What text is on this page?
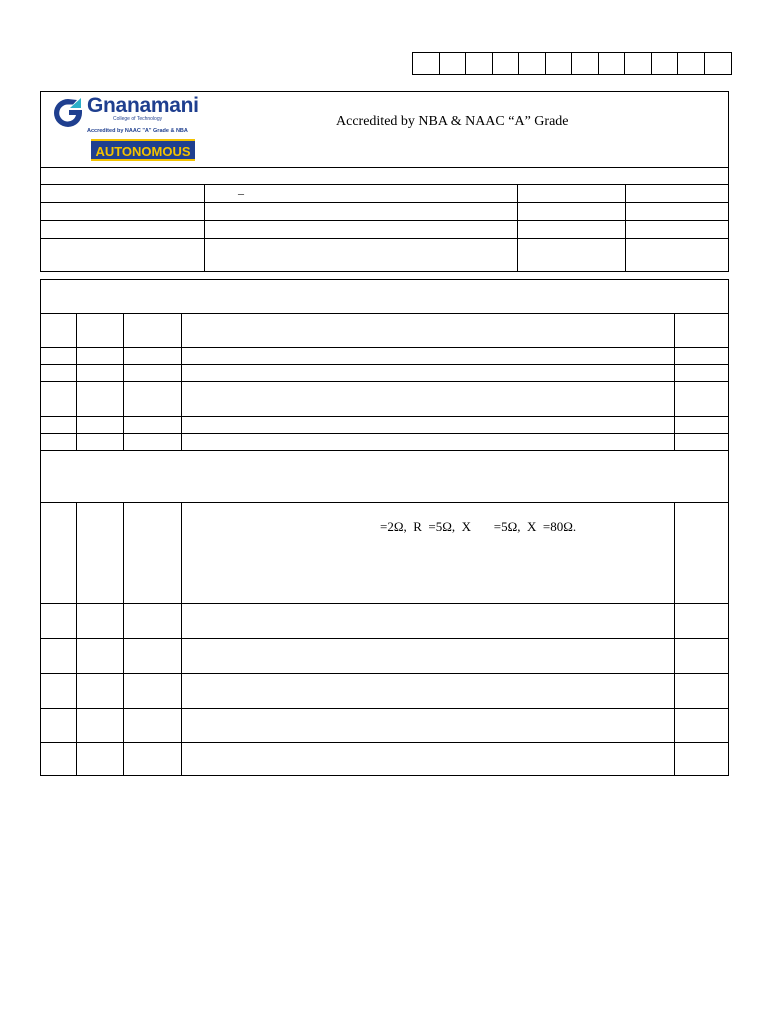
Gnanamani
College of Technology
Accredited by NAAC "A" Grade & NBA
AUTONOMOUS
Accredited by NBA & NAAC “A” Grade
–
=2Ω,  R  =5Ω,  X       =5Ω,  X  =80Ω.
